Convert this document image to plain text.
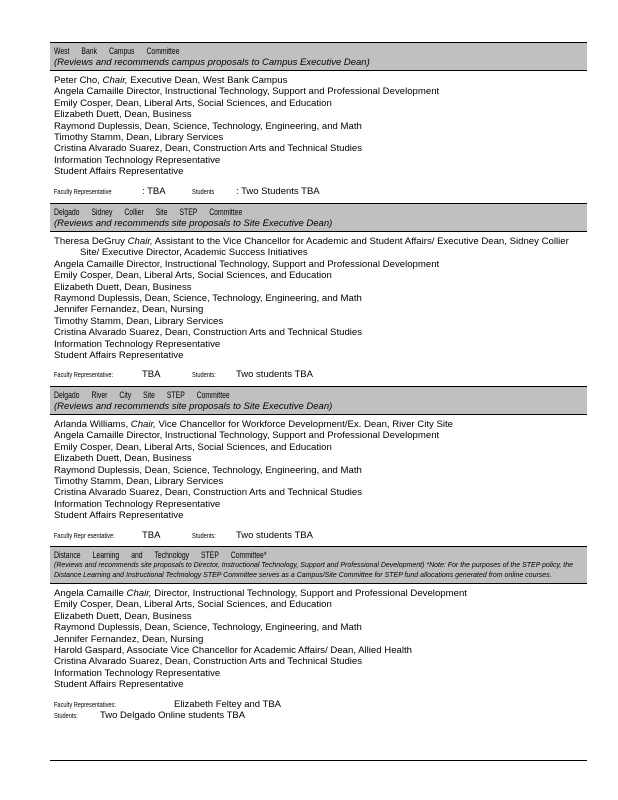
West Bank Campus Committee
(Reviews and recommends campus proposals to Campus Executive Dean)
Peter Cho, Chair, Executive Dean, West Bank Campus
Angela Camaille Director, Instructional Technology, Support and Professional Development
Emily Cosper, Dean, Liberal Arts, Social Sciences, and Education
Elizabeth Duett, Dean, Business
Raymond Duplessis, Dean, Science, Technology, Engineering, and Math
Timothy Stamm, Dean, Library Services
Cristina Alvarado Suarez, Dean, Construction Arts and Technical Studies
Information Technology Representative
Student Affairs Representative
Faculty Representative	: TBA	Students : Two Students TBA
Delgado Sidney Collier Site STEP Committee
(Reviews and recommends site proposals to Site Executive Dean)
Theresa DeGruy Chair, Assistant to the Vice Chancellor for Academic and Student Affairs/ Executive Dean, Sidney Collier Site/ Executive Director, Academic Success Initiatives
Angela Camaille Director, Instructional Technology, Support and Professional Development
Emily Cosper, Dean, Liberal Arts, Social Sciences, and Education
Elizabeth Duett, Dean, Business
Raymond Duplessis, Dean, Science, Technology, Engineering, and Math
Jennifer Fernandez, Dean, Nursing
Timothy Stamm, Dean, Library Services
Cristina Alvarado Suarez, Dean, Construction Arts and Technical Studies
Information Technology Representative
Student Affairs Representative
Faculty Representative:	TBA	Students: Two students TBA
Delgado River City Site STEP Committee
(Reviews and recommends site proposals to Site Executive Dean)
Arlanda Williams, Chair, Vice Chancellor for Workforce Development/Ex. Dean, River City Site
Angela Camaille Director, Instructional Technology, Support and Professional Development
Emily Cosper, Dean, Liberal Arts, Social Sciences, and Education
Elizabeth Duett, Dean, Business
Raymond Duplessis, Dean, Science, Technology, Engineering, and Math
Timothy Stamm, Dean, Library Services
Cristina Alvarado Suarez, Dean, Construction Arts and Technical Studies
Information Technology Representative
Student Affairs Representative
Faculty Repr esentative:	TBA	Students: Two students TBA
Distance Learning and Technology STEP Committee*
(Reviews and recommends site proposals to Director, Instructional Technology, Support and Professional Development) *Note: For the purposes of the STEP policy, the Distance Learning and Instructional Technology STEP Committee serves as a Campus/Site Committee for STEP fund allocations generated from online courses.
Angela Camaille Chair, Director, Instructional Technology, Support and Professional Development
Emily Cosper, Dean, Liberal Arts, Social Sciences, and Education
Elizabeth Duett, Dean, Business
Raymond Duplessis, Dean, Science, Technology, Engineering, and Math
Jennifer Fernandez, Dean, Nursing
Harold Gaspard, Associate Vice Chancellor for Academic Affairs/ Dean, Allied Health
Cristina Alvarado Suarez, Dean, Construction Arts and Technical Studies
Information Technology Representative
Student Affairs Representative
Faculty Representatives:	Elizabeth Feltey and TBA
Students: Two Delgado Online students TBA
